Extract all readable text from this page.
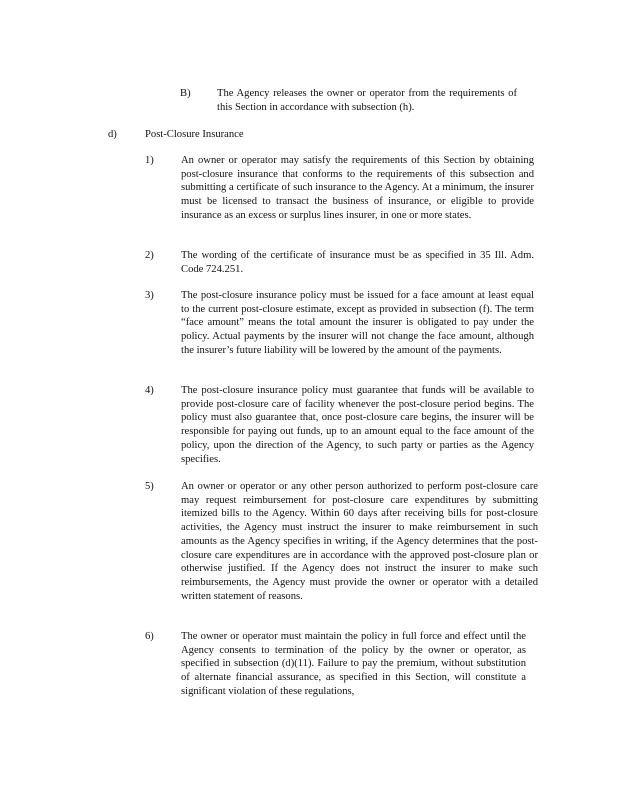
B) The Agency releases the owner or operator from the requirements of this Section in accordance with subsection (h).
d)	Post-Closure Insurance
1)	An owner or operator may satisfy the requirements of this Section by obtaining post-closure insurance that conforms to the requirements of this subsection and submitting a certificate of such insurance to the Agency. At a minimum, the insurer must be licensed to transact the business of insurance, or eligible to provide insurance as an excess or surplus lines insurer, in one or more states.
2)	The wording of the certificate of insurance must be as specified in 35 Ill. Adm. Code 724.251.
3)	The post-closure insurance policy must be issued for a face amount at least equal to the current post-closure estimate, except as provided in subsection (f). The term “face amount” means the total amount the insurer is obligated to pay under the policy. Actual payments by the insurer will not change the face amount, although the insurer’s future liability will be lowered by the amount of the payments.
4)	The post-closure insurance policy must guarantee that funds will be available to provide post-closure care of facility whenever the post-closure period begins. The policy must also guarantee that, once post-closure care begins, the insurer will be responsible for paying out funds, up to an amount equal to the face amount of the policy, upon the direction of the Agency, to such party or parties as the Agency specifies.
5)	An owner or operator or any other person authorized to perform post-closure care may request reimbursement for post-closure care expenditures by submitting itemized bills to the Agency. Within 60 days after receiving bills for post-closure activities, the Agency must instruct the insurer to make reimbursement in such amounts as the Agency specifies in writing, if the Agency determines that the post-closure care expenditures are in accordance with the approved post-closure plan or otherwise justified. If the Agency does not instruct the insurer to make such reimbursements, the Agency must provide the owner or operator with a detailed written statement of reasons.
6)	The owner or operator must maintain the policy in full force and effect until the Agency consents to termination of the policy by the owner or operator, as specified in subsection (d)(11). Failure to pay the premium, without substitution of alternate financial assurance, as specified in this Section, will constitute a significant violation of these regulations,
